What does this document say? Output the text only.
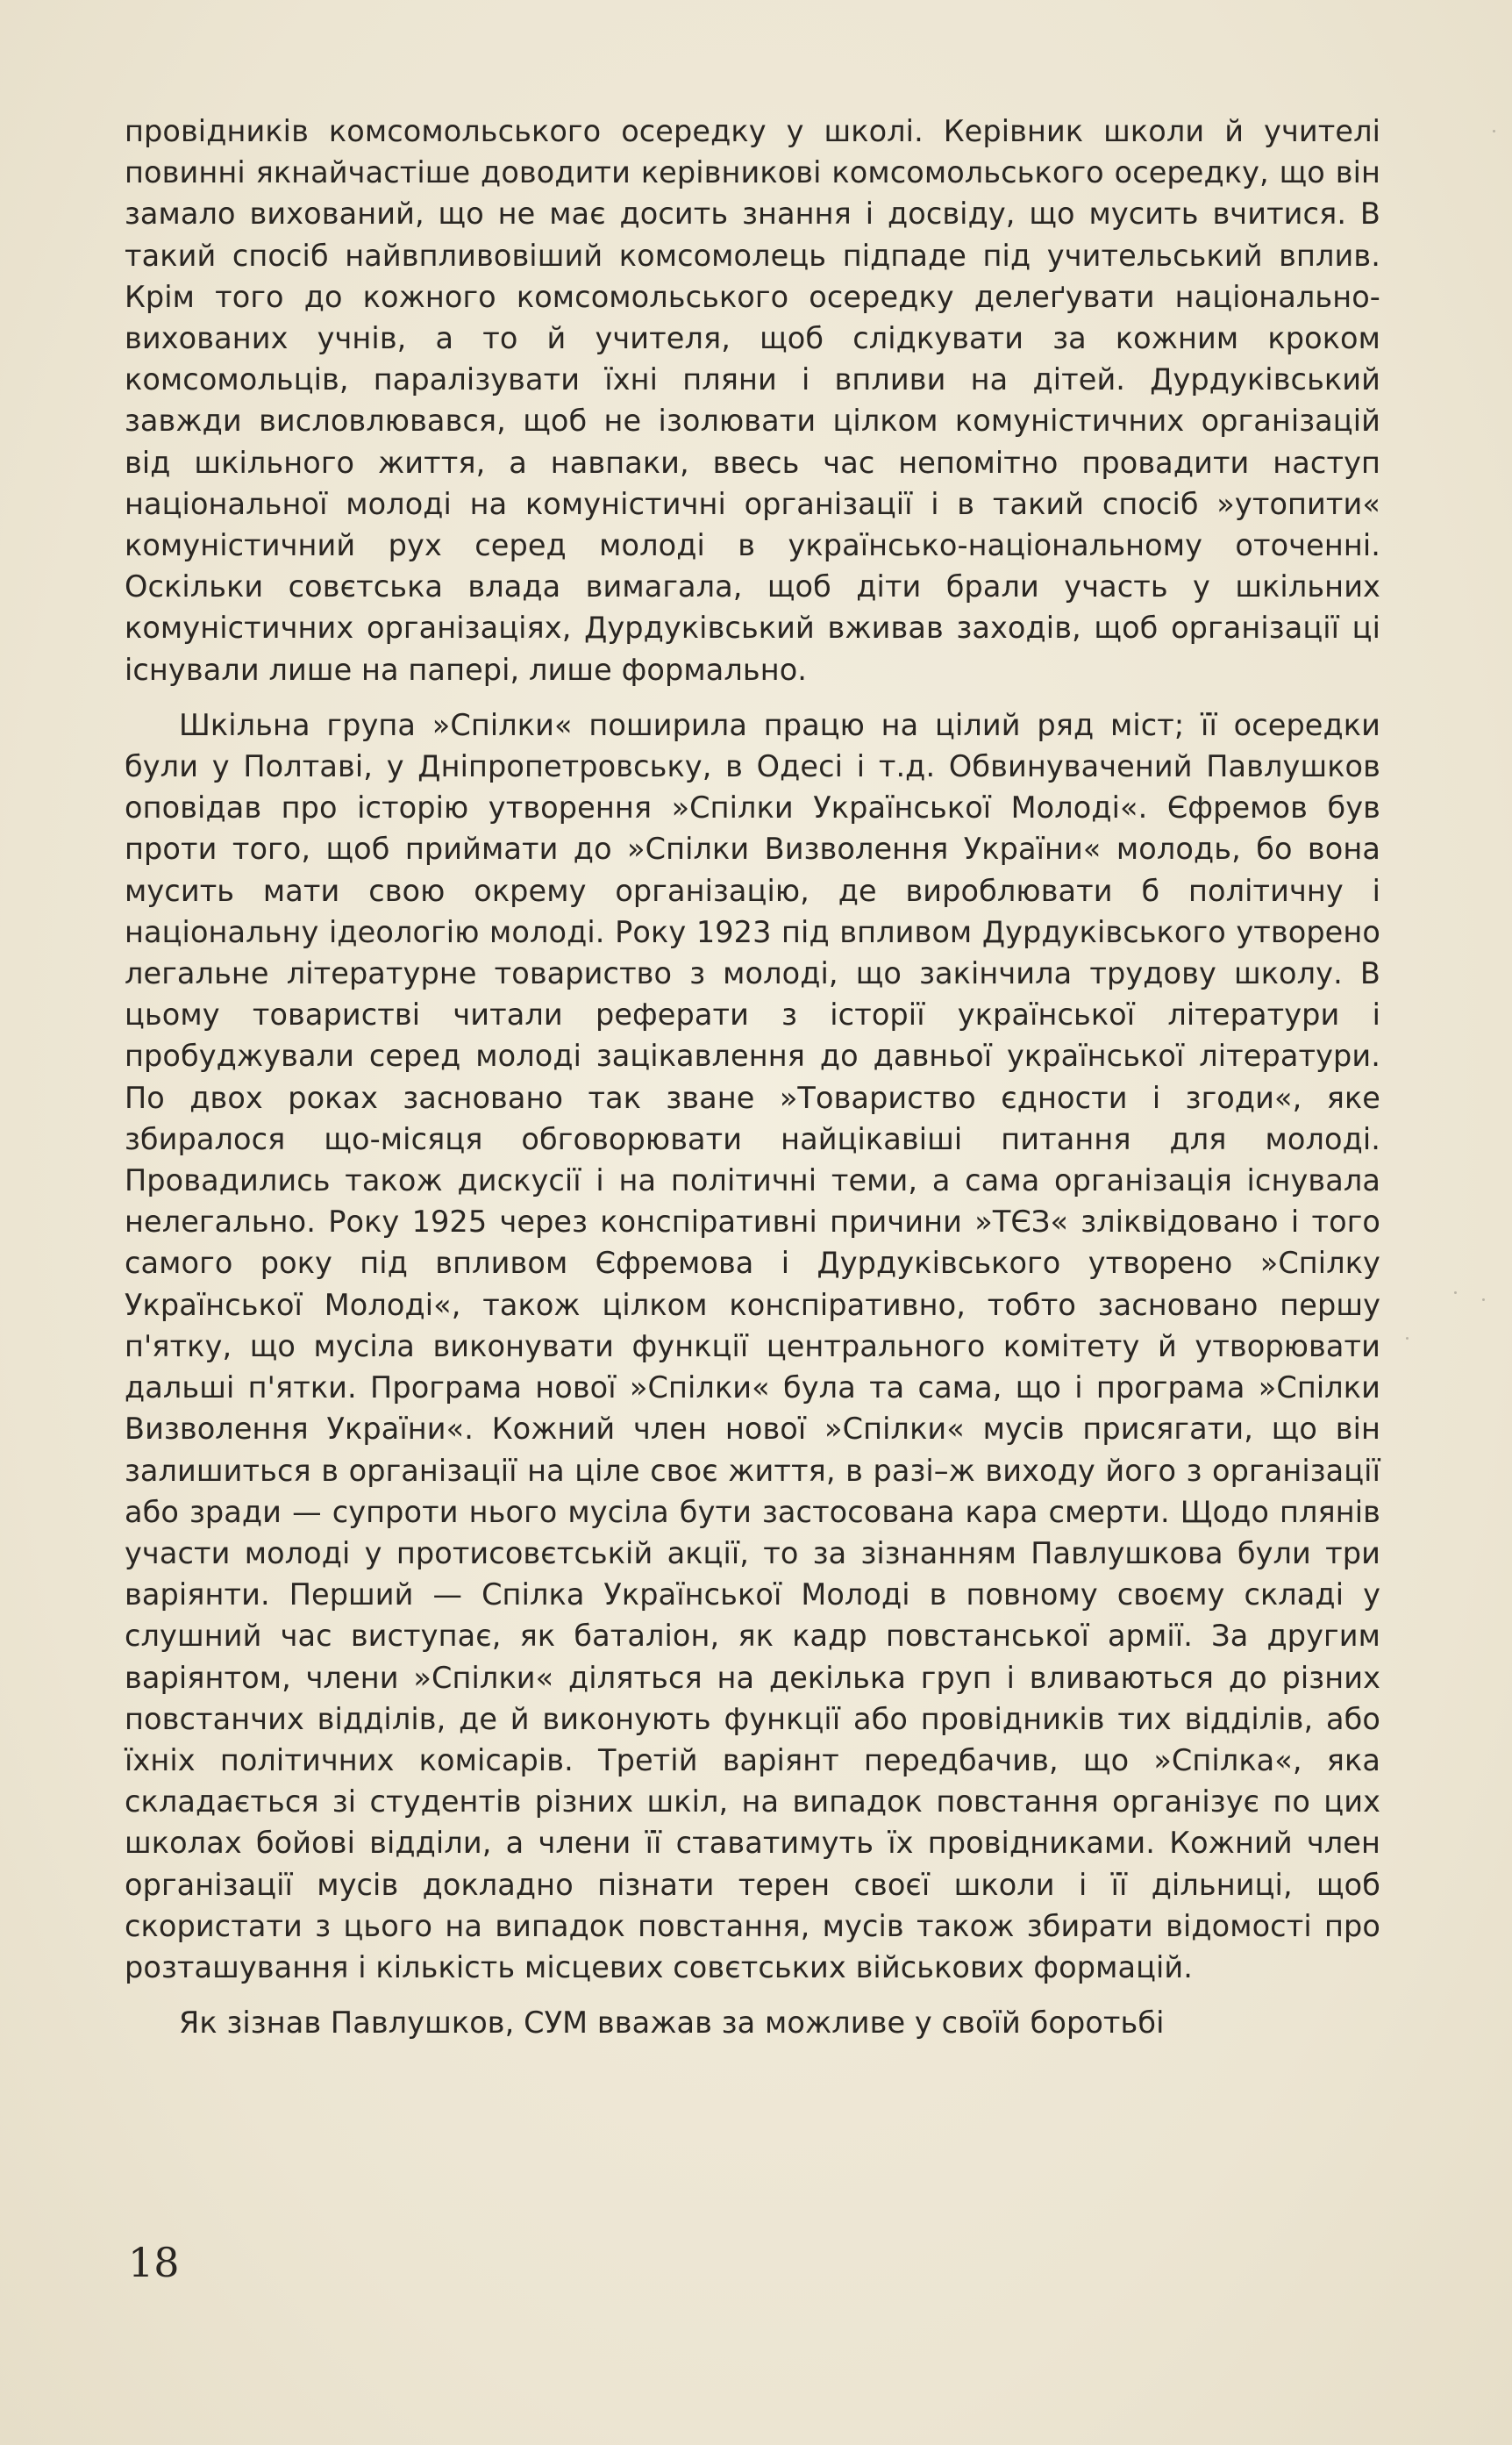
провідників комсомольського осередку у школі. Керівник школи й учителі повинні якнайчастіше доводити керівникові комсомольського осередку, що він замало вихований, що не має досить знання і досвіду, що мусить вчитися. В такий спосіб найвпливовіший комсомолець підпаде під учительський вплив. Крім того до кожного комсомольського осередку делеґувати національно-вихованих учнів, а то й учителя, щоб слідкувати за кожним кроком комсомольців, паралізувати їхні пляни і впливи на дітей. Дурдуківський завжди висловлювався, щоб не ізолювати цілком комуністичних організацій від шкільного життя, а навпаки, ввесь час непомітно провадити наступ національної молоді на комуністичні організації і в такий спосіб »утопити« комуністичний рух серед молоді в українсько-національному оточенні. Оскільки совєтська влада вимагала, щоб діти брали участь у шкільних комуністичних організаціях, Дурдуківський вживав заходів, щоб організації ці існували лише на папері, лише формально.

Шкільна група »Спілки« поширила працю на цілий ряд міст; її осередки були у Полтаві, у Дніпропетровську, в Одесі і т.д. Обвинувачений Павлушков оповідав про історію утворення »Спілки Української Молоді«. Єфремов був проти того, щоб приймати до »Спілки Визволення України« молодь, бо вона мусить мати свою окрему організацію, де вироблювати б політичну і національну ідеологію молоді. Року 1923 під впливом Дурдуківського утворено легальне літературне товариство з молоді, що закінчила трудову школу. В цьому товаристві читали реферати з історії української літератури і пробуджували серед молоді зацікавлення до давньої української літератури. По двох роках засновано так зване »Товариство єдности і згоди«, яке збиралося що-місяця обговорювати найцікавіші питання для молоді. Провадились також дискусії і на політичні теми, а сама організація існувала нелегально. Року 1925 через конспіративні причини »ТЄЗ« зліквідовано і того самого року під впливом Єфремова і Дурдуківського утворено »Спілку Української Молоді«, також цілком конспіративно, тобто засновано першу п'ятку, що мусіла виконувати функції центрального комітету й утворювати дальші п'ятки. Програма нової »Спілки« була та сама, що і програма »Спілки Визволення України«. Кожний член нової »Спілки« мусів присягати, що він залишиться в організації на ціле своє життя, в разі–ж виходу його з організації або зради — супроти нього мусіла бути застосована кара смерти. Щодо плянів участи молоді у протисовєтській акції, то за зізнанням Павлушкова були три варіянти. Перший — Спілка Української Молоді в повному своєму складі у слушний час виступає, як баталіон, як кадр повстанської армії. За другим варіянтом, члени »Спілки« діляться на декілька груп і вливаються до різних повстанчих відділів, де й виконують функції або провідників тих відділів, або їхніх політичних комісарів. Третій варіянт передбачив, що »Спілка«, яка складається зі студентів різних шкіл, на випадок повстання організує по цих школах бойові відділи, а члени її ставатимуть їх провідниками. Кожний член організації мусів докладно пізнати терен своєї школи і її дільниці, щоб скористати з цього на випадок повстання, мусів також збирати відомості про розташування і кількість місцевих совєтських військових формацій.

Як зізнав Павлушков, СУМ вважав за можливе у своїй боротьбі

18
